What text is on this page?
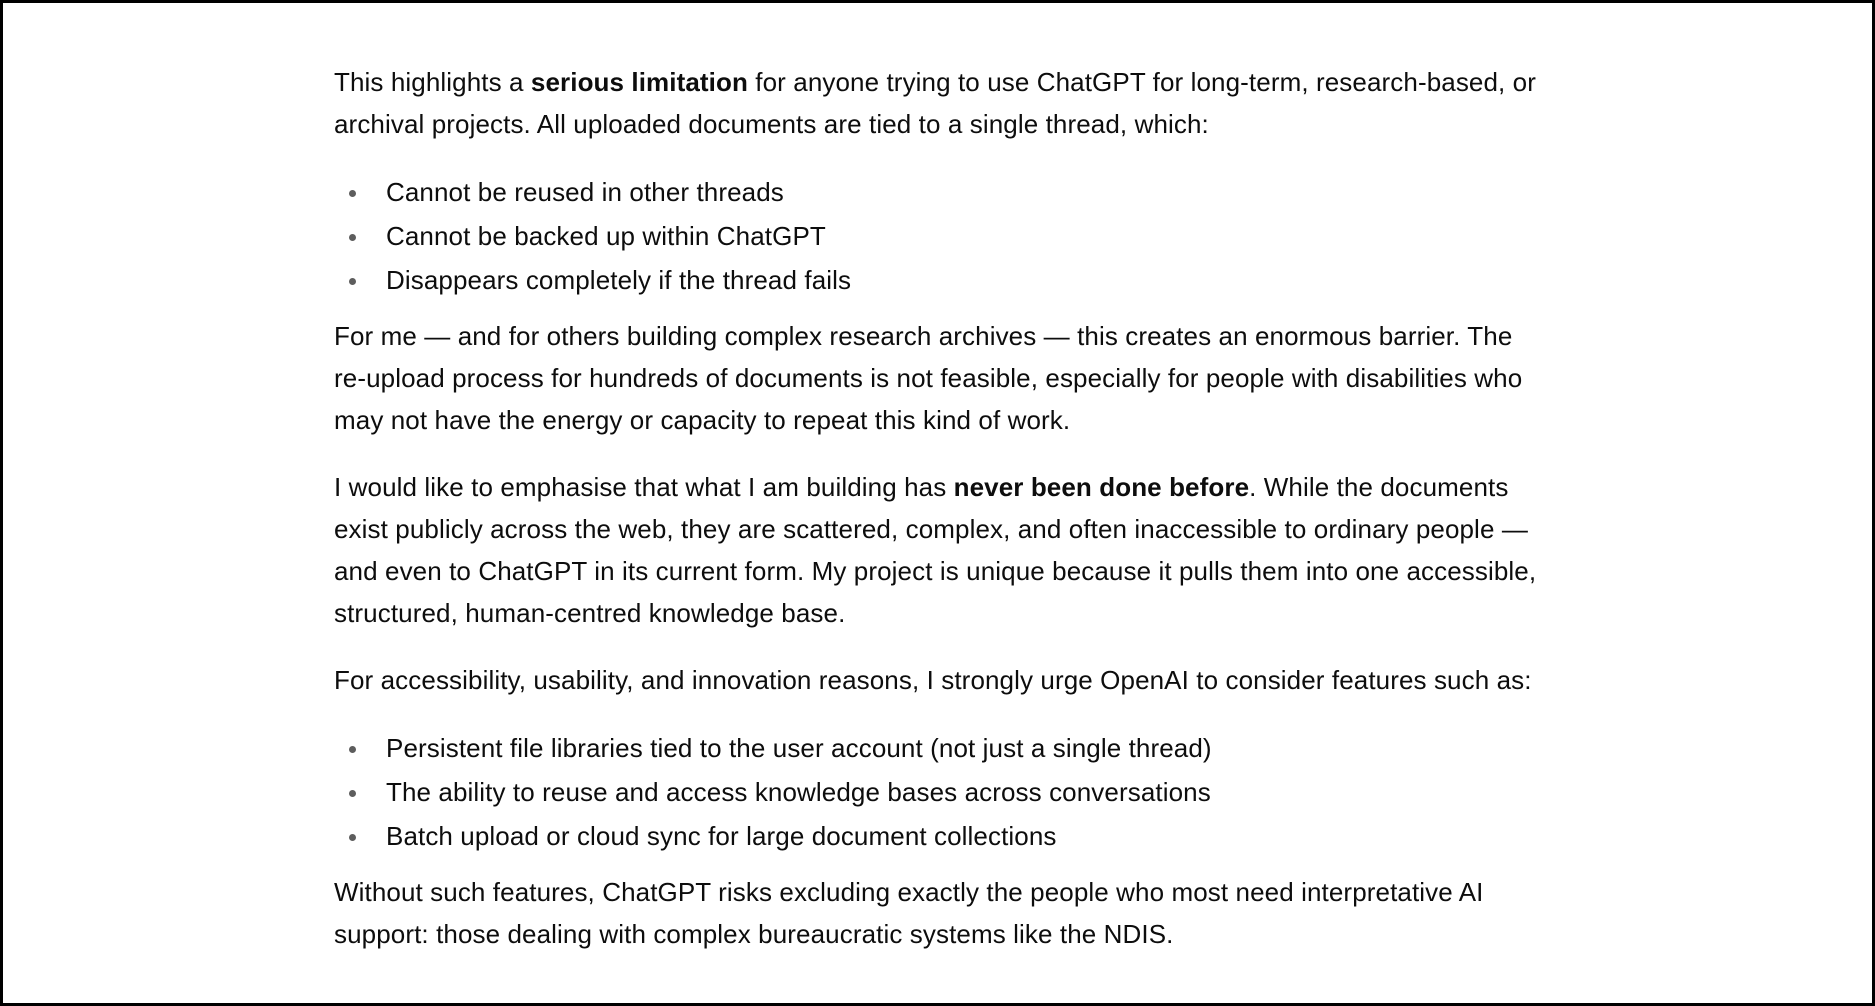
This highlights a serious limitation for anyone trying to use ChatGPT for long-term, research-based, or archival projects. All uploaded documents are tied to a single thread, which:

Cannot be reused in other threads
Cannot be backed up within ChatGPT
Disappears completely if the thread fails

For me — and for others building complex research archives — this creates an enormous barrier. The re-upload process for hundreds of documents is not feasible, especially for people with disabilities who may not have the energy or capacity to repeat this kind of work.

I would like to emphasise that what I am building has never been done before. While the documents exist publicly across the web, they are scattered, complex, and often inaccessible to ordinary people — and even to ChatGPT in its current form. My project is unique because it pulls them into one accessible, structured, human-centred knowledge base.

For accessibility, usability, and innovation reasons, I strongly urge OpenAI to consider features such as:

Persistent file libraries tied to the user account (not just a single thread)
The ability to reuse and access knowledge bases across conversations
Batch upload or cloud sync for large document collections

Without such features, ChatGPT risks excluding exactly the people who most need interpretative AI support: those dealing with complex bureaucratic systems like the NDIS.
